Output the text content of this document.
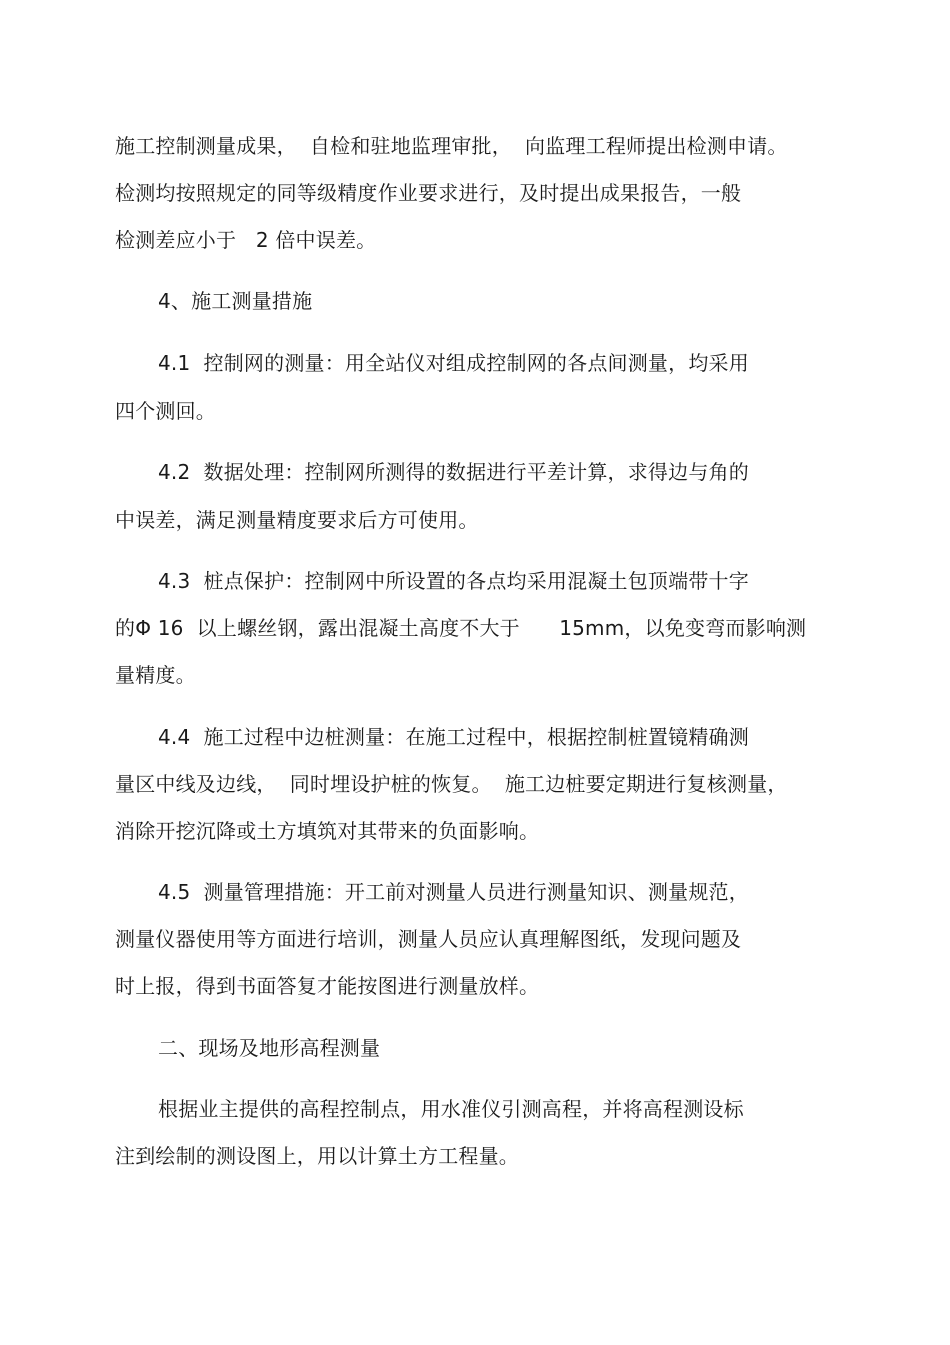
施工控制测量成果，  自检和驻地监理审批，  向监理工程师提出检测申请。
检测均按照规定的同等级精度作业要求进行，及时提出成果报告，一般
检测差应小于   2 倍中误差。
4、施工测量措施
4.1  控制网的测量：用全站仪对组成控制网的各点间测量，均采用
四个测回。
4.2  数据处理：控制网所测得的数据进行平差计算，求得边与角的
中误差，满足测量精度要求后方可使用。
4.3  桩点保护：控制网中所设置的各点均采用混凝土包顶端带十字
的Φ 16  以上螺丝钢，露出混凝土高度不大于      15mm，以免变弯而影响测
量精度。
4.4  施工过程中边桩测量：在施工过程中，根据控制桩置镜精确测
量区中线及边线，  同时埋设护桩的恢复。  施工边桩要定期进行复核测量，
消除开挖沉降或土方填筑对其带来的负面影响。
4.5  测量管理措施：开工前对测量人员进行测量知识、测量规范，
测量仪器使用等方面进行培训，测量人员应认真理解图纸，发现问题及
时上报，得到书面答复才能按图进行测量放样。
二、现场及地形高程测量
根据业主提供的高程控制点，用水准仪引测高程，并将高程测设标
注到绘制的测设图上，用以计算土方工程量。
